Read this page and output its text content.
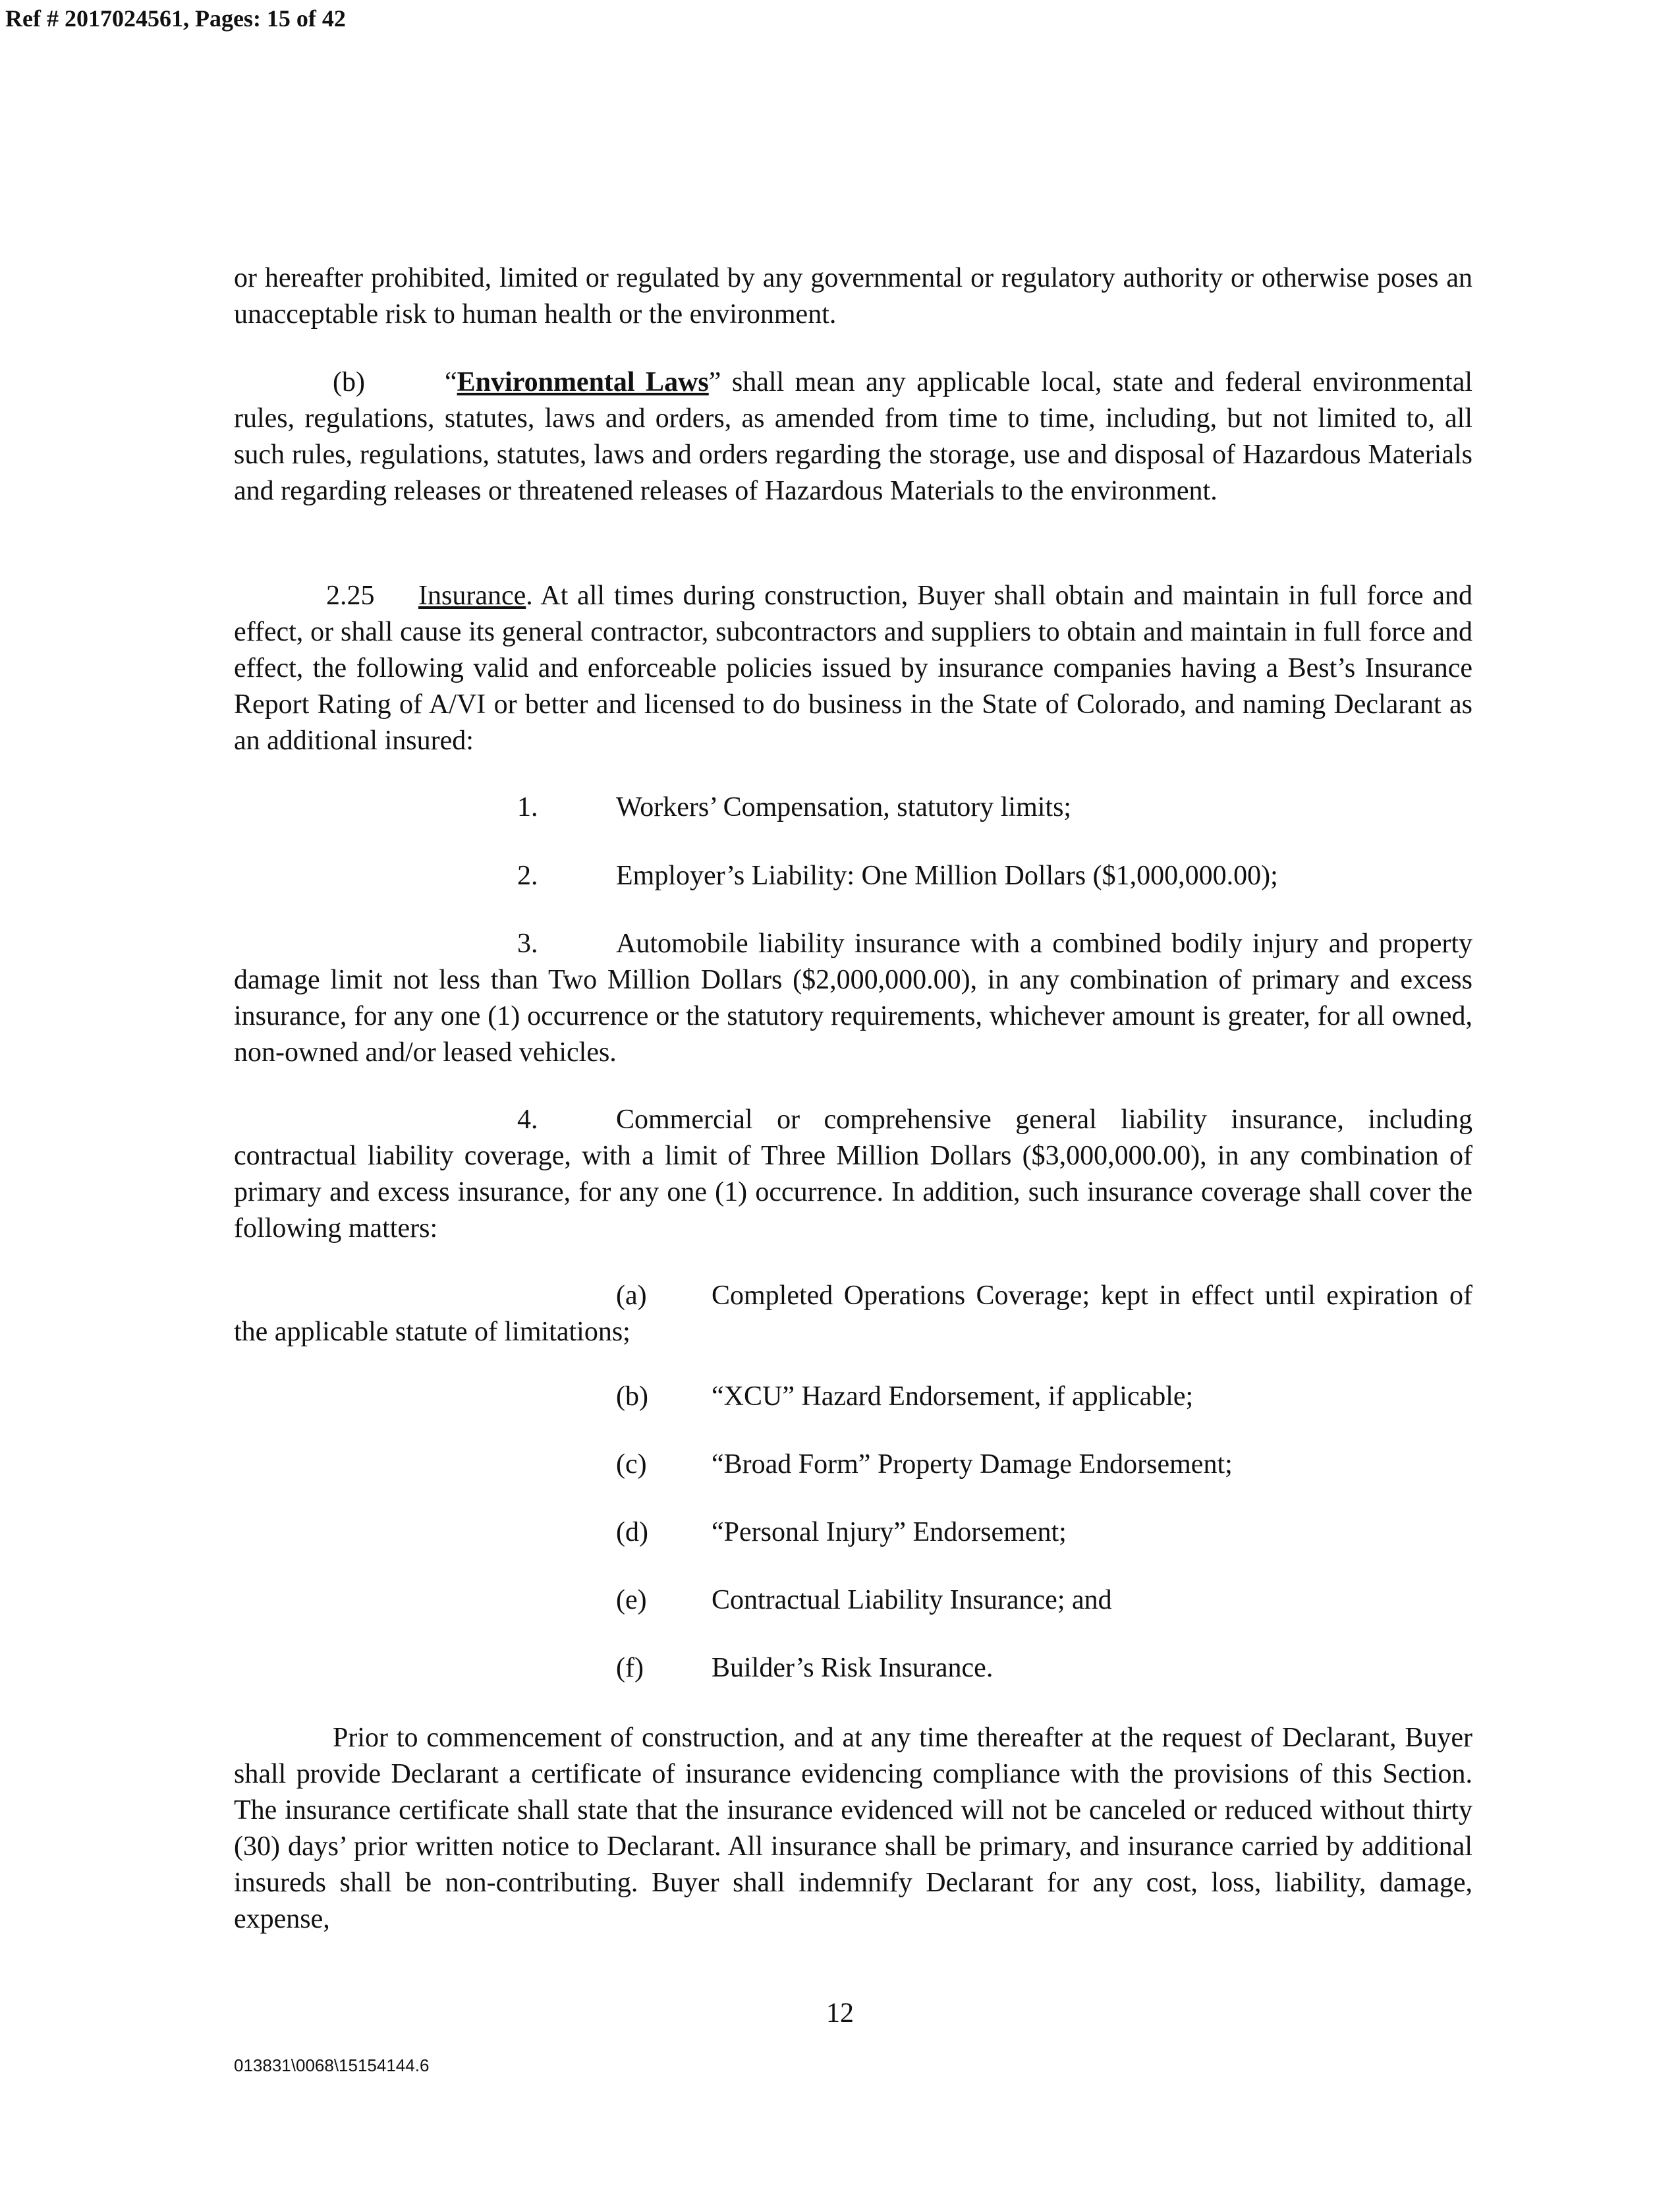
Ref # 2017024561, Pages: 15 of 42

or hereafter prohibited, limited or regulated by any governmental or regulatory authority or otherwise poses an unacceptable risk to human health or the environment.

(b)	“Environmental Laws” shall mean any applicable local, state and federal environmental rules, regulations, statutes, laws and orders, as amended from time to time, including, but not limited to, all such rules, regulations, statutes, laws and orders regarding the storage, use and disposal of Hazardous Materials and regarding releases or threatened releases of Hazardous Materials to the environment.

2.25 Insurance. At all times during construction, Buyer shall obtain and maintain in full force and effect, or shall cause its general contractor, subcontractors and suppliers to obtain and maintain in full force and effect, the following valid and enforceable policies issued by insurance companies having a Best’s Insurance Report Rating of A/VI or better and licensed to do business in the State of Colorado, and naming Declarant as an additional insured:

1.	Workers’ Compensation, statutory limits;

2.	Employer’s Liability: One Million Dollars ($1,000,000.00);

3.	Automobile liability insurance with a combined bodily injury and property damage limit not less than Two Million Dollars ($2,000,000.00), in any combination of primary and excess insurance, for any one (1) occurrence or the statutory requirements, whichever amount is greater, for all owned, non-owned and/or leased vehicles.

4.	Commercial or comprehensive general liability insurance, including contractual liability coverage, with a limit of Three Million Dollars ($3,000,000.00), in any combination of primary and excess insurance, for any one (1) occurrence. In addition, such insurance coverage shall cover the following matters:

(a) Completed Operations Coverage; kept in effect until expiration of the applicable statute of limitations;

(b) “XCU” Hazard Endorsement, if applicable;

(c) “Broad Form” Property Damage Endorsement;

(d) “Personal Injury” Endorsement;

(e) Contractual Liability Insurance; and

(f) Builder’s Risk Insurance.

Prior to commencement of construction, and at any time thereafter at the request of Declarant, Buyer shall provide Declarant a certificate of insurance evidencing compliance with the provisions of this Section. The insurance certificate shall state that the insurance evidenced will not be canceled or reduced without thirty (30) days’ prior written notice to Declarant. All insurance shall be primary, and insurance carried by additional insureds shall be non-contributing. Buyer shall indemnify Declarant for any cost, loss, liability, damage, expense,

12
013831\0068\15154144.6
